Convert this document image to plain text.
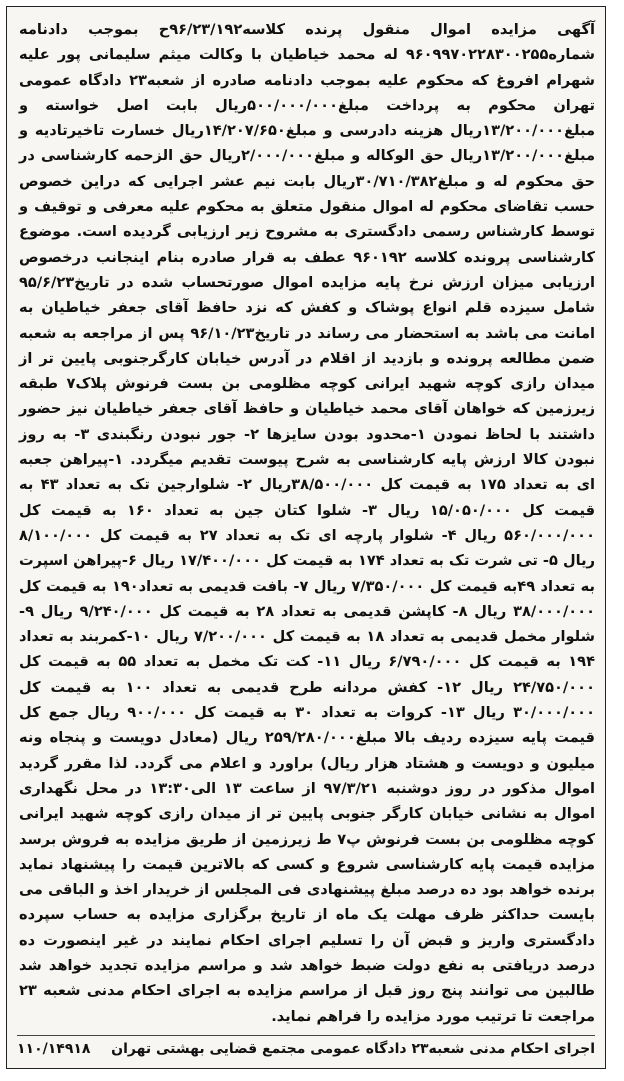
آگهی مزایده اموال منقول پرنده کلاسه۹۶/۲۳/۱۹۲ح بموجب دادنامه شماره۹۶۰۹۹۷۰۲۲۸۳۰۰۲۵۵ له محمد خیاطیان با وکالت میثم سلیمانی پور علیه شهرام افروغ که محکوم علیه بموجب دادنامه صادره از شعبه۲۳ دادگاه عمومی تهران محکوم به پرداخت مبلغ۵۰۰/۰۰۰/۰۰۰ریال بابت اصل خواسته و مبلغ۱۳/۲۰۰/۰۰۰ریال هزینه دادرسی و مبلغ۱۴/۲۰۷/۶۵۰ریال خسارت تاخیرتادیه و مبلغ۱۳/۲۰۰/۰۰۰ریال حق الوکاله و مبلغ۲/۰۰۰/۰۰۰ریال حق الزحمه کارشناسی در حق محکوم له و مبلغ۳۰/۷۱۰/۳۸۲ریال بابت نیم عشر اجرایی که دراین خصوص حسب تقاضای محکوم له اموال منقول متعلق به محکوم علیه معرفی و توقیف و توسط کارشناس رسمی دادگستری به مشروح زیر ارزیابی گردیده است. موضوع کارشناسی پرونده کلاسه ۹۶۰۱۹۲ عطف به قرار صادره بنام اینجانب درخصوص ارزیابی میزان ارزش نرخ پایه مزایده اموال صورتحساب شده در تاریخ۹۵/۶/۲۳ شامل سیزده قلم انواع پوشاک و کفش که نزد حافظ آقای جعفر خیاطیان به امانت می باشد به استحضار می رساند در تاریخ۹۶/۱۰/۲۳ پس از مراجعه به شعبه ضمن مطالعه پرونده و بازدید از اقلام در آدرس خیابان کارگرجنوبی پایین تر از میدان رازی کوچه شهید ایرانی کوچه مظلومی بن بست فرنوش پلاک۷ طبقه زیرزمین که خواهان آقای محمد خیاطیان و حافظ آقای جعفر خیاطیان نیز حضور داشتند با لحاظ نمودن ۱-محدود بودن سایزها ۲- جور نبودن رنگبندی ۳- به روز نبودن کالا ارزش پایه کارشناسی به شرح پیوست تقدیم میگردد. ۱-پیراهن جعبه ای به تعداد ۱۷۵ به قیمت کل ۳۸/۵۰۰/۰۰۰ریال ۲- شلوارجین تک به تعداد ۴۳ به قیمت کل ۱۵/۰۵۰/۰۰۰ ریال ۳- شلوا کتان جین به تعداد ۱۶۰ به قیمت کل ۵۶۰/۰۰۰/۰۰۰ ریال ۴- شلوار پارچه ای تک به تعداد ۲۷ به قیمت کل ۸/۱۰۰/۰۰۰ ریال ۵- تی شرت تک به تعداد ۱۷۴ به قیمت کل ۱۷/۴۰۰/۰۰۰ ریال ۶-پیراهن اسپرت به تعداد ۴۹به قیمت کل ۷/۳۵۰/۰۰۰ ریال ۷- بافت قدیمی به تعداد۱۹۰ به قیمت کل ۳۸/۰۰۰/۰۰۰ ریال ۸- کاپشن قدیمی به تعداد ۲۸ به قیمت کل ۹/۲۴۰/۰۰۰ ریال ۹-شلوار مخمل قدیمی به تعداد ۱۸ به قیمت کل ۷/۲۰۰/۰۰۰ ریال ۱۰-کمربند به تعداد ۱۹۴ به قیمت کل ۶/۷۹۰/۰۰۰ ریال ۱۱- کت تک مخمل به تعداد ۵۵ به قیمت کل ۲۴/۷۵۰/۰۰۰ ریال ۱۲- کفش مردانه طرح قدیمی به تعداد ۱۰۰ به قیمت کل ۳۰/۰۰۰/۰۰۰ ریال ۱۳- کروات به تعداد ۳۰ به قیمت کل ۹۰۰/۰۰۰ ریال جمع کل قیمت پایه سیزده ردیف بالا مبلغ۲۵۹/۲۸۰/۰۰۰ ریال (معادل دویست و پنجاه ونه میلیون و دویست و هشتاد هزار ریال) براورد و اعلام می گردد. لذا مقرر گردید اموال مذکور در روز دوشنبه ۹۷/۳/۲۱ از ساعت ۱۳ الی۱۳:۳۰ در محل نگهداری اموال به نشانی خیابان کارگر جنوبی پایین تر از میدان رازی کوچه شهید ایرانی کوچه مظلومی بن بست فرنوش پ۷ ط زیرزمین از طریق مزایده به فروش برسد مزایده قیمت پایه کارشناسی شروع و کسی که بالاترین قیمت را پیشنهاد نماید برنده خواهد بود ده درصد مبلغ پیشنهادی فی المجلس از خریدار اخذ و الباقی می بایست حداکثر ظرف مهلت یک ماه از تاریخ برگزاری مزایده به حساب سپرده دادگستری واریز و قبض آن را تسلیم اجرای احکام نمایند در غیر اینصورت ده درصد دریافتی به نفع دولت ضبط خواهد شد و مراسم مزایده تجدید خواهد شد طالبین می توانند پنج روز قبل از مراسم مزایده به اجرای احکام مدنی شعبه ۲۳ مراجعت تا ترتیب مورد مزایده را فراهم نماید.

اجرای احکام مدنی شعبه۲۳ دادگاه عمومی مجتمع قضایی بهشتی تهران
۱۱۰/۱۴۹۱۸
